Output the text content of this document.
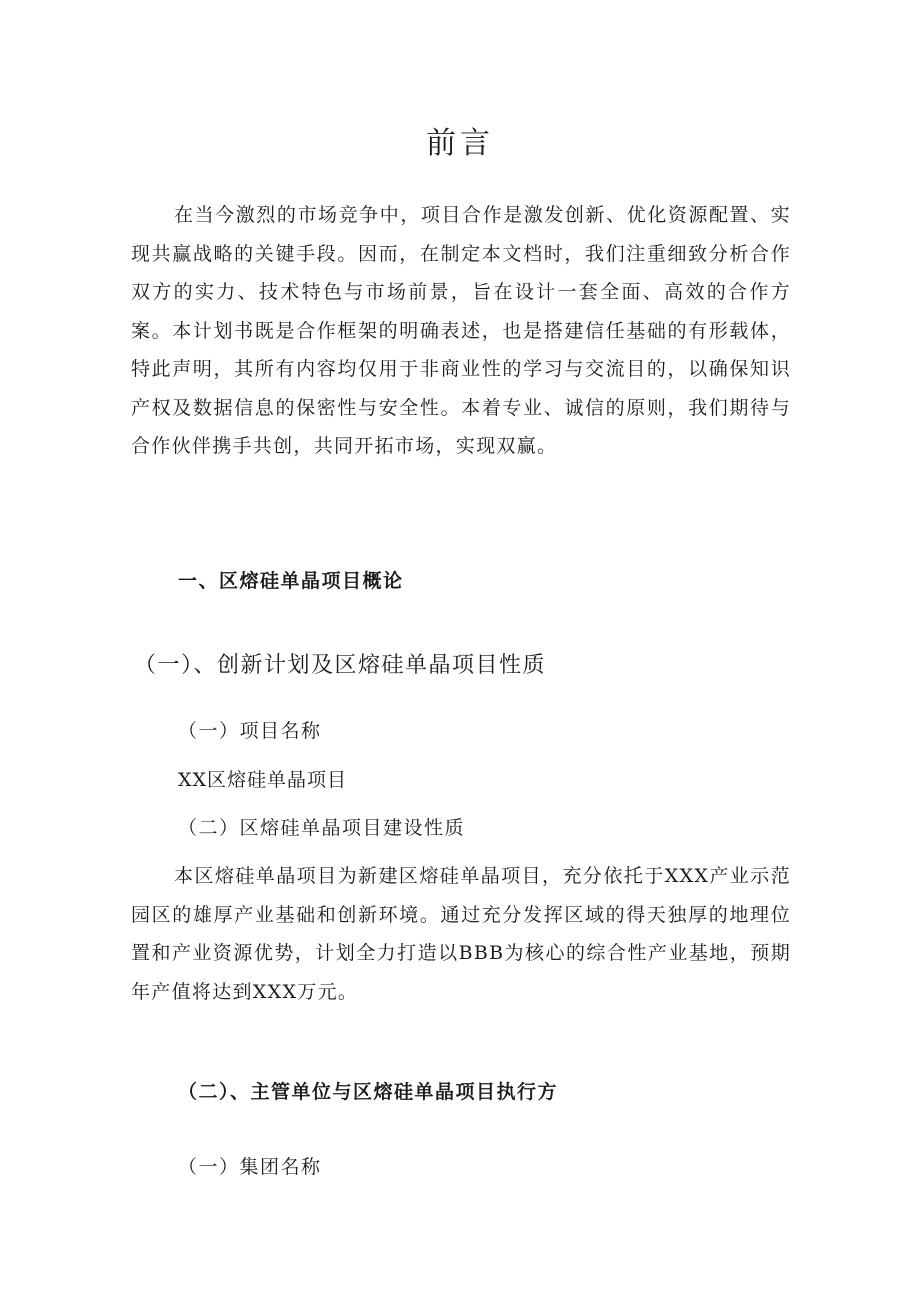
前言

在当今激烈的市场竞争中，项目合作是激发创新、优化资源配置、实现共赢战略的关键手段。因而，在制定本文档时，我们注重细致分析合作双方的实力、技术特色与市场前景，旨在设计一套全面、高效的合作方案。本计划书既是合作框架的明确表述，也是搭建信任基础的有形载体，特此声明，其所有内容均仅用于非商业性的学习与交流目的，以确保知识产权及数据信息的保密性与安全性。本着专业、诚信的原则，我们期待与合作伙伴携手共创，共同开拓市场，实现双赢。

一、区熔硅单晶项目概论
（一）、创新计划及区熔硅单晶项目性质

（一）项目名称

XX区熔硅单晶项目

（二）区熔硅单晶项目建设性质

本区熔硅单晶项目为新建区熔硅单晶项目，充分依托于XXX产业示范园区的雄厚产业基础和创新环境。通过充分发挥区域的得天独厚的地理位置和产业资源优势，计划全力打造以BBB为核心的综合性产业基地，预期年产值将达到XXX万元。

（二）、主管单位与区熔硅单晶项目执行方

（一）集团名称
